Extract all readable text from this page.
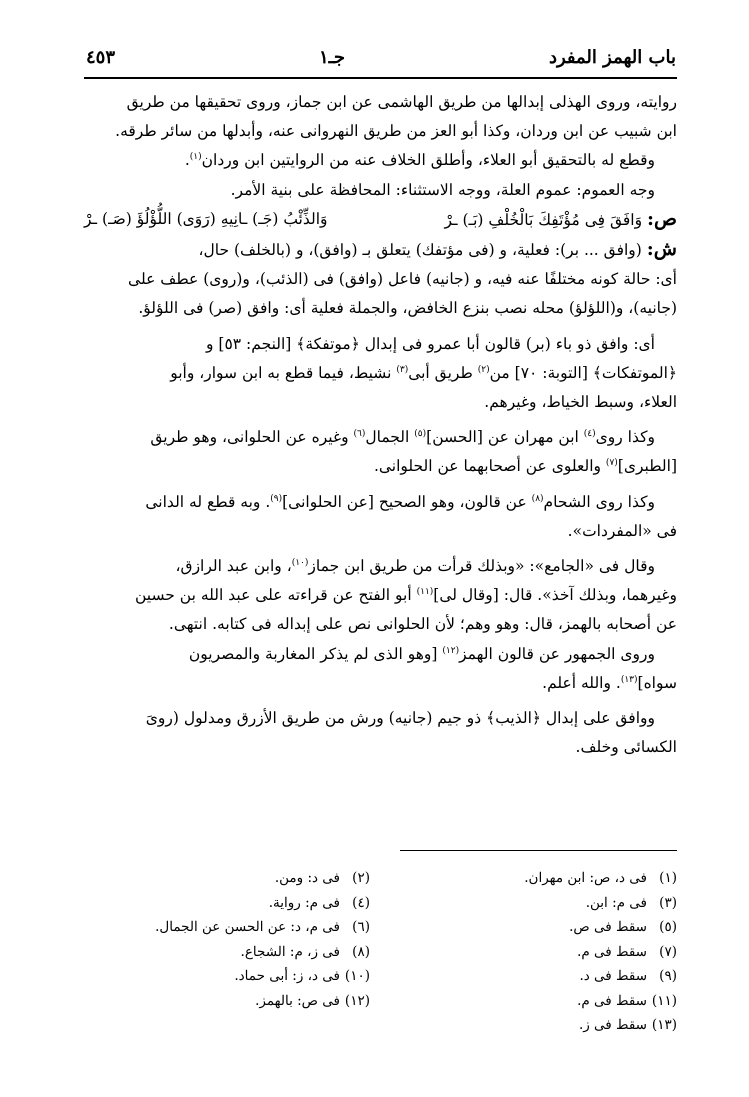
باب الهمز المفرد
جـ١
٤٥٣

روايته، وروى الهذلى إبدالها من طريق الهاشمى عن ابن جماز، وروى تحقيقها من طريق

ابن شبيب عن ابن وردان، وكذا أبو العز من طريق النهروانى عنه، وأبدلها من سائر طرقه.

وقطع له بالتحقيق أبو العلاء، وأطلق الخلاف عنه من الروايتين ابن وردان$^{(١)}$.

وجه العموم: عموم العلة، ووجه الاستثناء: المحافظة على بنية الأمر.

ص: وَافَقَ فِى مُؤْتَفِكَ بَالْخُلْفِ (بَـ) ـرْ
وَالذِّئْبُ (جَـ) ـانِيهِ (رَوَى) اللُّؤْلُؤَ (صَـ) ـرْ

ش: (وافق ... بر): فعلية، و (فى مؤتفك) يتعلق بـ (وافق)، و (بالخلف) حال،

أى: حالة كونه مختلفًا عنه فيه، و (جانيه) فاعل (وافق) فى (الذئب)، و(روى) عطف على

(جانيه)، و(اللؤلؤ) محله نصب بنزع الخافض، والجملة فعلية أى: وافق (صر) فى اللؤلؤ.

أى: وافق ذو باء (بر) قالون أبا عمرو فى إبدال ﴿موتفكة﴾ [النجم: ٥٣] و

﴿الموتفكات﴾ [التوبة: ٧٠] من$^{(٢)}$ طريق أبى$^{(٣)}$ نشيط، فيما قطع به ابن سوار، وأبو

العلاء، وسبط الخياط، وغيرهم.

وكذا روى$^{(٤)}$ ابن مهران عن [الحسن]$^{(٥)}$ الجمال$^{(٦)}$ وغيره عن الحلوانى، وهو طريق

[الطبرى]$^{(٧)}$ والعلوى عن أصحابهما عن الحلوانى.

وكذا روى الشحام$^{(٨)}$ عن قالون، وهو الصحيح [عن الحلوانى]$^{(٩)}$. وبه قطع له الدانى

فى «المفردات».

وقال فى «الجامع»: «وبذلك قرأت من طريق ابن جماز$^{(١٠)}$، وابن عبد الرازق،

وغيرهما، وبذلك آخذ». قال: [وقال لى]$^{(١١)}$ أبو الفتح عن قراءته على عبد الله بن حسين

عن أصحابه بالهمز، قال: وهو وهم؛ لأن الحلوانى نص على إبداله فى كتابه. انتهى.

وروى الجمهور عن قالون الهمز$^{(١٢)}$ [وهو الذى لم يذكر المغاربة والمصريون

سواه]$^{(١٣)}$. والله أعلم.

ووافق على إبدال ﴿الذيب﴾ ذو جيم (جانيه) ورش من طريق الأزرق ومدلول (روىَ

الكسائى وخلف.

(١)فى د، ص: ابن مهران.
(٣)فى م: ابن.
(٥)سقط فى ص.
(٧)سقط فى م.
(٩)سقط فى د.
(١١)سقط فى م.
(١٣)سقط فى ز.
(٢)فى د: ومن.
(٤)فى م: رواية.
(٦)فى م، د: عن الحسن عن الجمال.
(٨)فى ز، م: الشجاع.
(١٠)فى د، ز: أبى حماد.
(١٢)فى ص: بالهمز.
